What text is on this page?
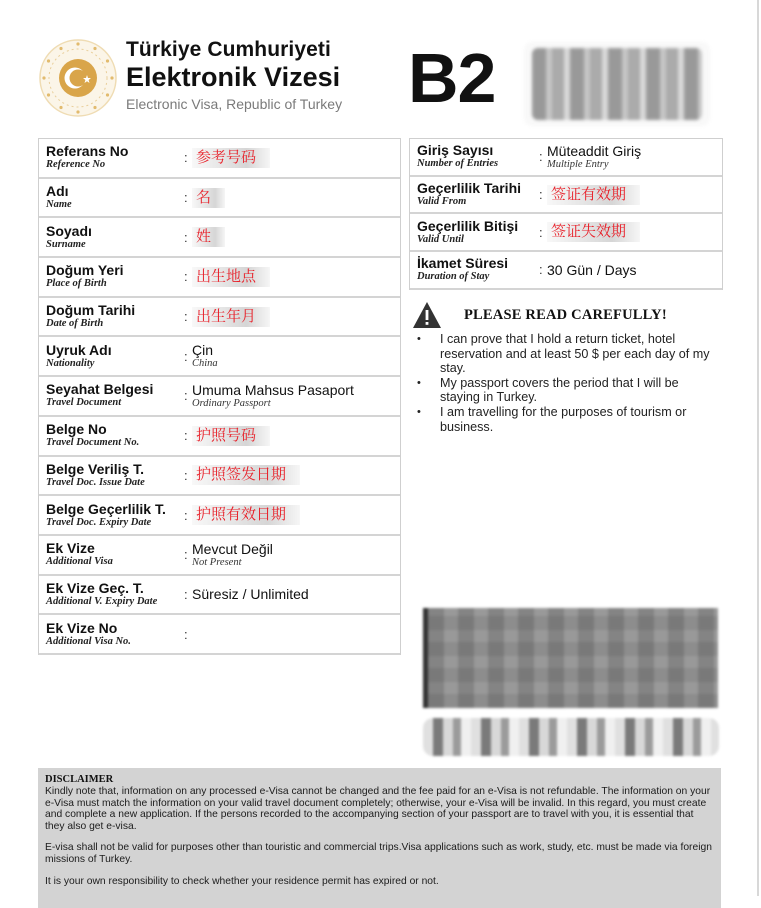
Türkiye Cumhuriyeti
Elektronik Vizesi
Electronic Visa, Republic of Turkey B2
Referans No
Reference No	: 参考号码
Adı
Name	: 名
Soyadı
Surname	: 姓
Doğum Yeri
Place of Birth	: 出生地点
Doğum Tarihi
Date of Birth	: 出生年月
Uyruk Adı
Nationality	: Çin
China
Seyahat Belgesi
Travel Document	: Umuma Mahsus Pasaport
Ordinary Passport
Belge No
Travel Document No.	: 护照号码
Belge Veriliş T.
Travel Doc. Issue Date	: 护照签发日期
Belge Geçerlilik T.
Travel Doc. Expiry Date	: 护照有效日期
Ek Vize
Additional Visa	: Mevcut Değil
Not Present
Ek Vize Geç. T.
Additional V. Expiry Date	: Süresiz / Unlimited
Ek Vize No
Additional Visa No.	:
Giriş Sayısı
Number of Entries	: Müteaddit Giriş
Multiple Entry
Geçerlilik Tarihi
Valid From	: 签证有效期
Geçerlilik Bitişi
Valid Until	: 签证失效期
İkamet Süresi
Duration of Stay	: 30 Gün / Days
PLEASE READ CAREFULLY!
• I can prove that I hold a return ticket, hotel reservation and at least 50 $ per each day of my stay.
• My passport covers the period that I will be staying in Turkey.
• I am travelling for the purposes of tourism or business.
DISCLAIMER

Kindly note that, information on any processed e-Visa cannot be changed and the fee paid for an e-Visa is not refundable. The information on your e-Visa must match the information on your valid travel document completely; otherwise, your e-Visa will be invalid. In this regard, you must create and complete a new application. If the persons recorded to the accompanying section of your passport are to travel with you, it is essential that they also get e-visa.

E-visa shall not be valid for purposes other than touristic and commercial trips.Visa applications such as work, study, etc. must be made via foreign missions of Turkey.

It is your own responsibility to check whether your residence permit has expired or not.
